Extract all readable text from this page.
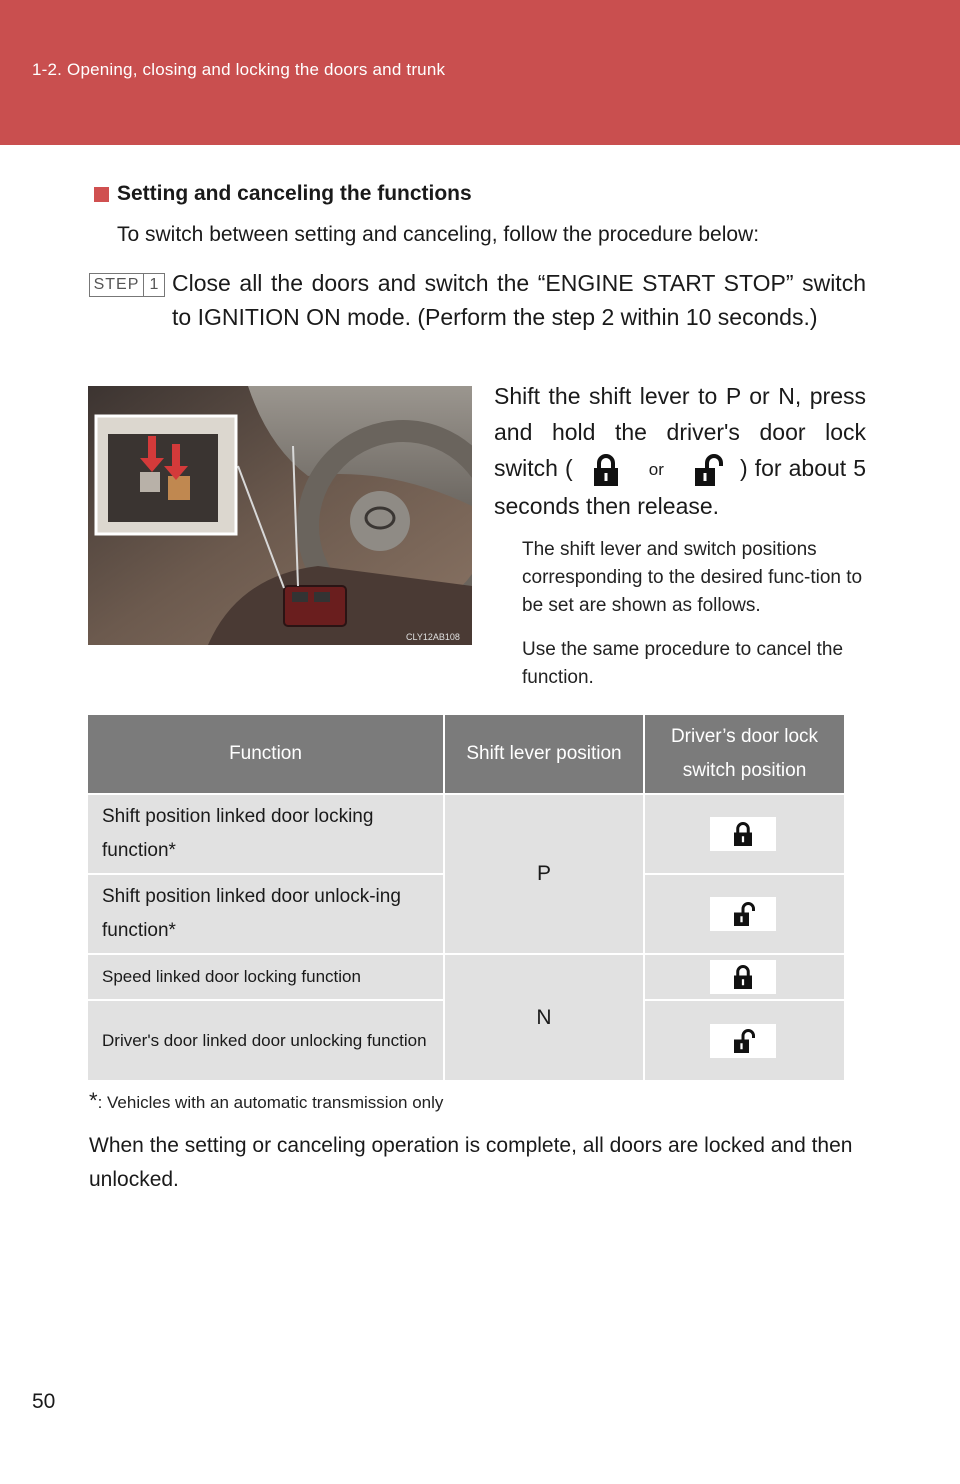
1-2. Opening, closing and locking the doors and trunk
Setting and canceling the functions
To switch between setting and canceling, follow the procedure below:
STEP 1 Close all the doors and switch the “ENGINE START STOP” switch to IGNITION ON mode. (Perform the step 2 within 10 seconds.)
CLY12AB108
Shift the shift lever to P or N, press and hold the driver's door lock switch (	or	) for about 5 seconds then release.
The shift lever and switch positions corresponding to the desired func-tion to be set are shown as follows.
Use the same procedure to cancel the function.
Function	Shift lever position	Driver’s door lock switch position
Shift position linked door locking function*	P	

Shift position linked door unlock-ing function*	

Speed linked door locking function	N	

Driver's door linked door unlocking function	
*: Vehicles with an automatic transmission only
When the setting or canceling operation is complete, all doors are locked and then unlocked.
50
